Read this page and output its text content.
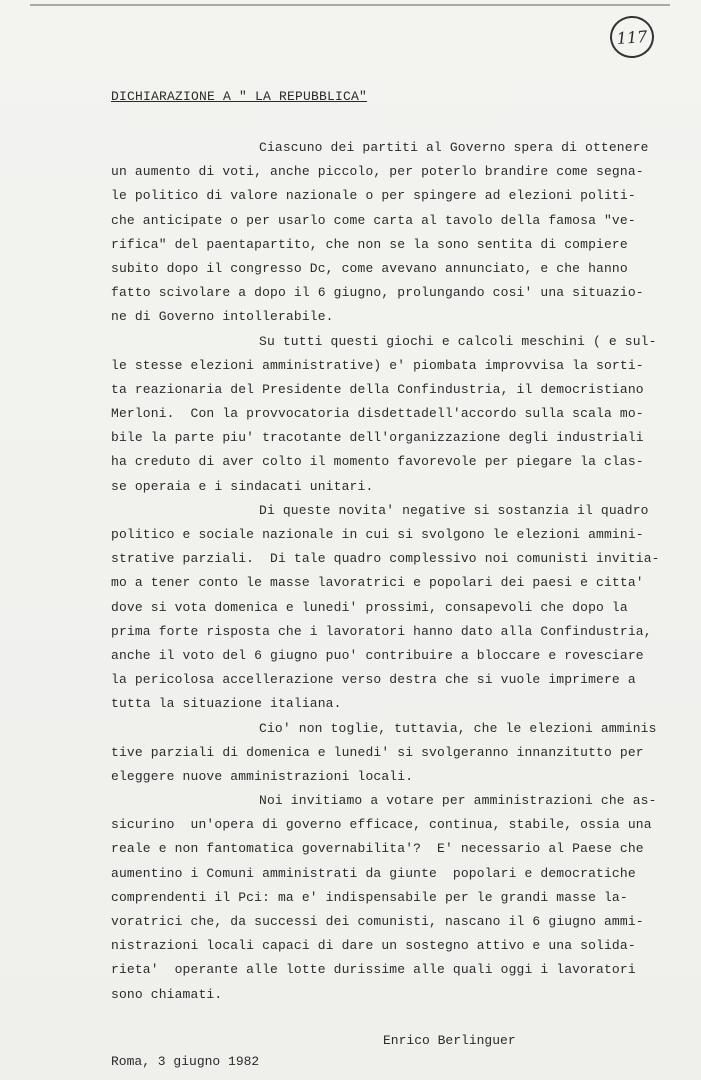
117
DICHIARAZIONE A " LA REPUBBLICA"
Ciascuno dei partiti al Governo spera di ottenere
un aumento di voti, anche piccolo, per poterlo brandire come segna-
le politico di valore nazionale o per spingere ad elezioni politi-
che anticipate o per usarlo come carta al tavolo della famosa "ve-
rifica" del paentapartito, che non se la sono sentita di compiere
subito dopo il congresso Dc, come avevano annunciato, e che hanno
fatto scivolare a dopo il 6 giugno, prolungando cosi' una situazio-
ne di Governo intollerabile.
Su tutti questi giochi e calcoli meschini ( e sul-
le stesse elezioni amministrative) e' piombata improvvisa la sorti-
ta reazionaria del Presidente della Confindustria, il democristiano
Merloni.  Con la provvocatoria disdettadell'accordo sulla scala mo-
bile la parte piu' tracotante dell'organizzazione degli industriali
ha creduto di aver colto il momento favorevole per piegare la clas-
se operaia e i sindacati unitari.
Di queste novita' negative si sostanzia il quadro
politico e sociale nazionale in cui si svolgono le elezioni ammini-
strative parziali.  Di tale quadro complessivo noi comunisti invitia-
mo a tener conto le masse lavoratrici e popolari dei paesi e citta'
dove si vota domenica e lunedi' prossimi, consapevoli che dopo la
prima forte risposta che i lavoratori hanno dato alla Confindustria,
anche il voto del 6 giugno puo' contribuire a bloccare e rovesciare
la pericolosa accellerazione verso destra che si vuole imprimere a
tutta la situazione italiana.
Cio' non toglie, tuttavia, che le elezioni amminis
tive parziali di domenica e lunedi' si svolgeranno innanzitutto per
eleggere nuove amministrazioni locali.
Noi invitiamo a votare per amministrazioni che as-
sicurino  un'opera di governo efficace, continua, stabile, ossia una
reale e non fantomatica governabilita'?  E' necessario al Paese che
aumentino i Comuni amministrati da giunte  popolari e democratiche
comprendenti il Pci: ma e' indispensabile per le grandi masse la-
voratrici che, da successi dei comunisti, nascano il 6 giugno ammi-
nistrazioni locali capaci di dare un sostegno attivo e una solida-
rieta'  operante alle lotte durissime alle quali oggi i lavoratori
sono chiamati.
Enrico Berlinguer
Roma, 3 giugno 1982
